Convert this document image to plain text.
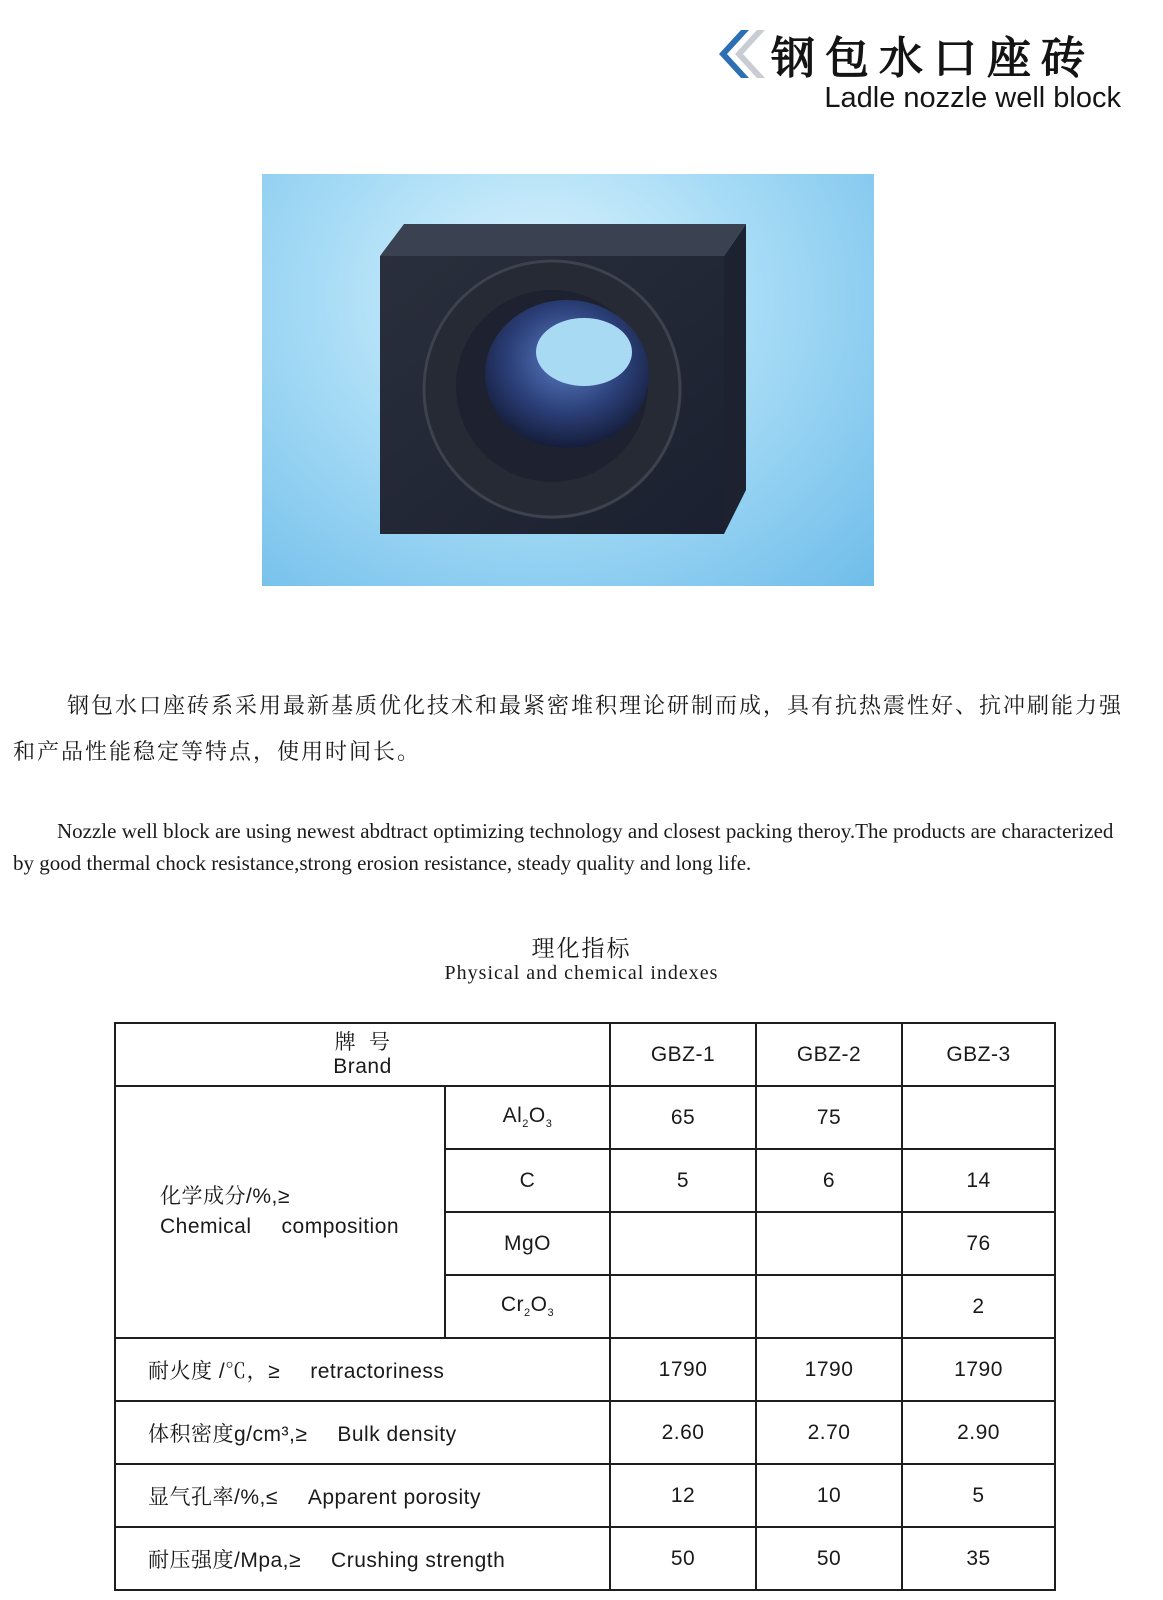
钢包水口座砖
Ladle nozzle well block
钢包水口座砖系采用最新基质优化技术和最紧密堆积理论研制而成，具有抗热震性好、抗冲刷能力强和产品性能稳定等特点，使用时间长。
Nozzle well block are using newest abdtract optimizing technology and closest packing theroy.The products are characterized by good thermal chock resistance,strong erosion resistance, steady quality and long life.
理化指标
Physical and chemical indexes
牌  号
Brand		GBZ-1	GBZ-2	GBZ-3

化学成分/%,≥
Chemical composition	$Al_2O_3$	65	75	
	C	5	6	14
	MgO			76
	$Cr_2O_3$			2
耐火度 /℃，≥ retractoriness		1790	1790	1790
体积密度g/cm³,≥ Bulk density		2.60	2.70	2.90
显气孔率/%,≤ Apparent porosity		12	10	5
耐压强度/Mpa,≥ Crushing strength		50	50	35
